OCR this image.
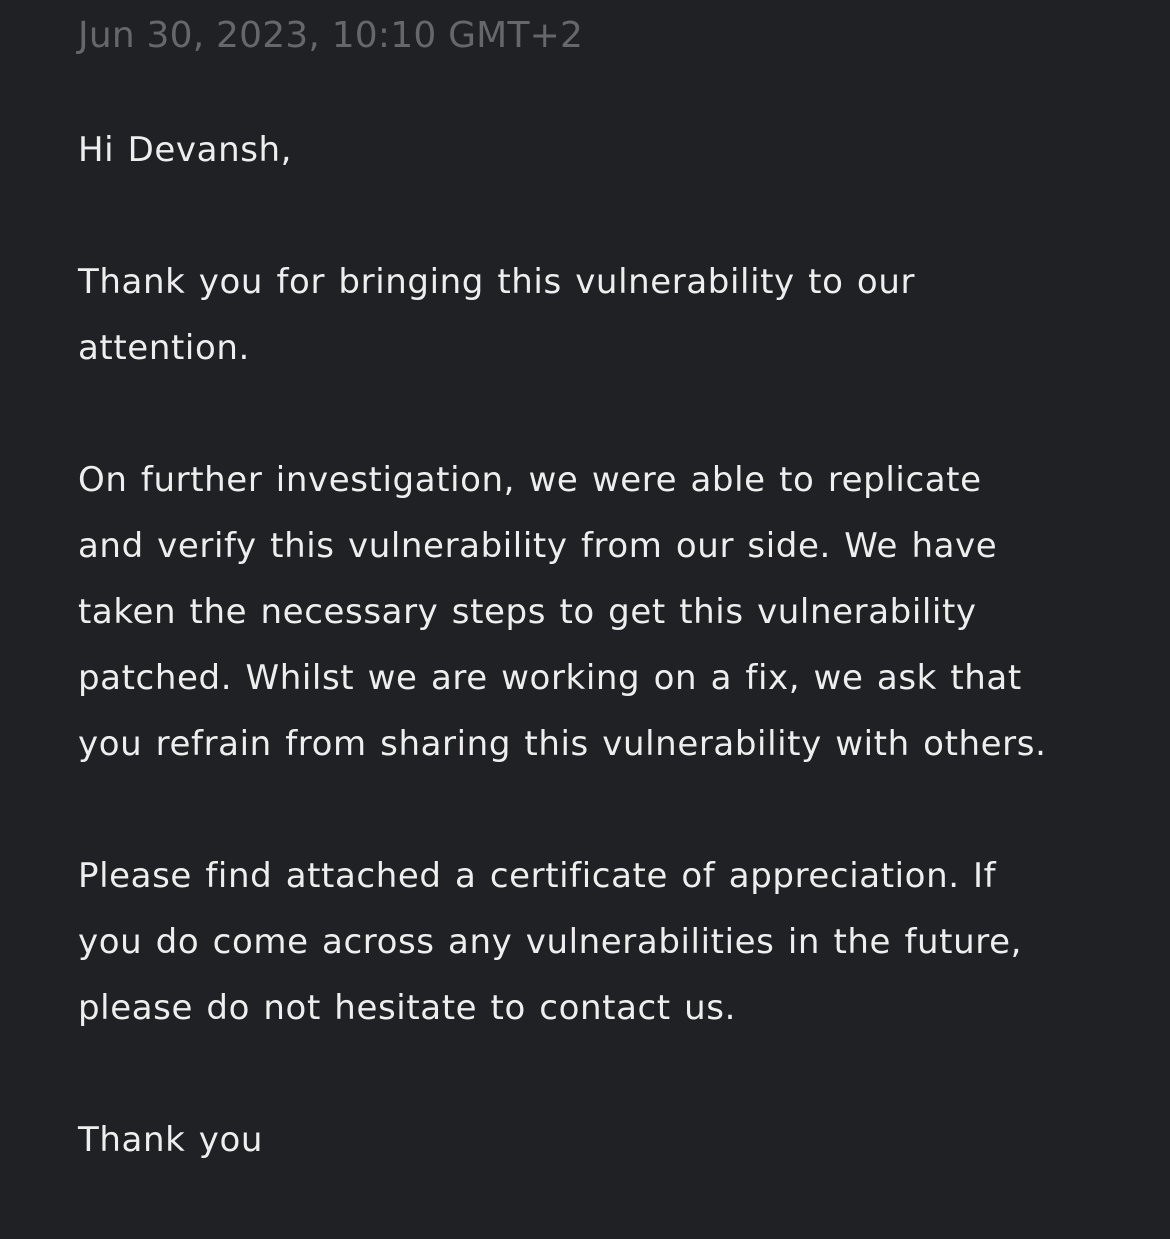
Jun 30, 2023, 10:10 GMT+2

Hi Devansh,

Thank you for bringing this vulnerability to our
attention.

On further investigation, we were able to replicate
and verify this vulnerability from our side. We have
taken the necessary steps to get this vulnerability
patched. Whilst we are working on a fix, we ask that
you refrain from sharing this vulnerability with others.

Please find attached a certificate of appreciation. If
you do come across any vulnerabilities in the future,
please do not hesitate to contact us.

Thank you
